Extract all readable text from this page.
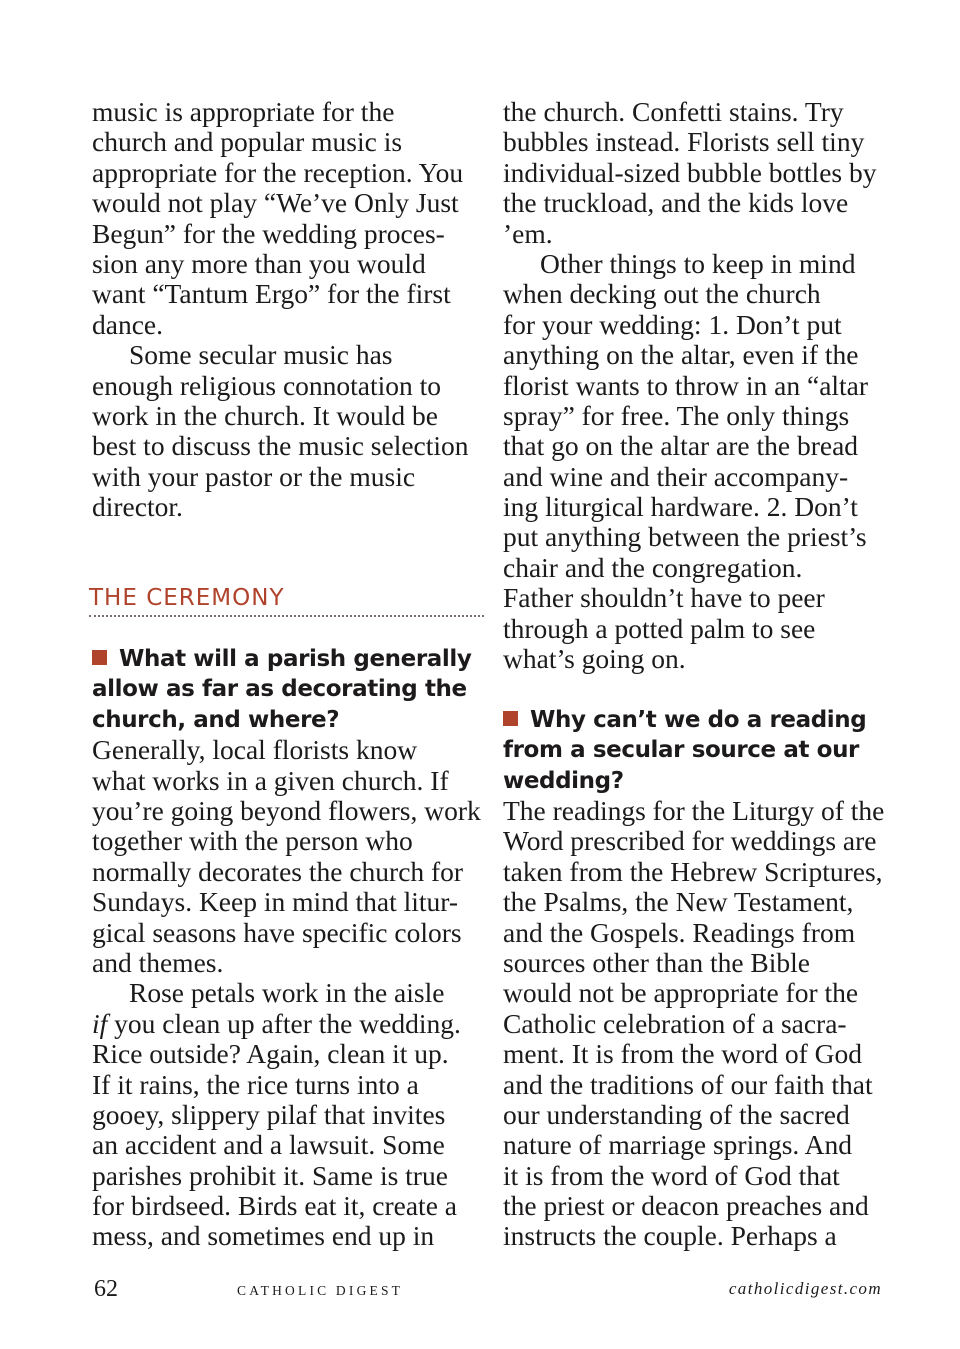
music is appropriate for the
church and popular music is
appropriate for the reception. You
would not play “We’ve Only Just
Begun” for the wedding proces-
sion any more than you would
want “Tantum Ergo” for the first
dance.
Some secular music has
enough religious connotation to
work in the church. It would be
best to discuss the music selection
with your pastor or the music
director.
THE CEREMONY
What will a parish generally
allow as far as decorating the
church, and where?
Generally, local florists know
what works in a given church. If
you’re going beyond flowers, work
together with the person who
normally decorates the church for
Sundays. Keep in mind that litur-
gical seasons have specific colors
and themes.
Rose petals work in the aisle
if you clean up after the wedding.
Rice outside? Again, clean it up.
If it rains, the rice turns into a
gooey, slippery pilaf that invites
an accident and a lawsuit. Some
parishes prohibit it. Same is true
for birdseed. Birds eat it, create a
mess, and sometimes end up in
the church. Confetti stains. Try
bubbles instead. Florists sell tiny
individual-sized bubble bottles by
the truckload, and the kids love
’em.
Other things to keep in mind
when decking out the church
for your wedding: 1. Don’t put
anything on the altar, even if the
florist wants to throw in an “altar
spray” for free. The only things
that go on the altar are the bread
and wine and their accompany-
ing liturgical hardware. 2. Don’t
put anything between the priest’s
chair and the congregation.
Father shouldn’t have to peer
through a potted palm to see
what’s going on.
Why can’t we do a reading
from a secular source at our
wedding?
The readings for the Liturgy of the
Word prescribed for weddings are
taken from the Hebrew Scriptures,
the Psalms, the New Testament,
and the Gospels. Readings from
sources other than the Bible
would not be appropriate for the
Catholic celebration of a sacra-
ment. It is from the word of God
and the traditions of our faith that
our understanding of the sacred
nature of marriage springs. And
it is from the word of God that
the priest or deacon preaches and
instructs the couple. Perhaps a
62	CATHOLIC DIGEST	catholicdigest.com
